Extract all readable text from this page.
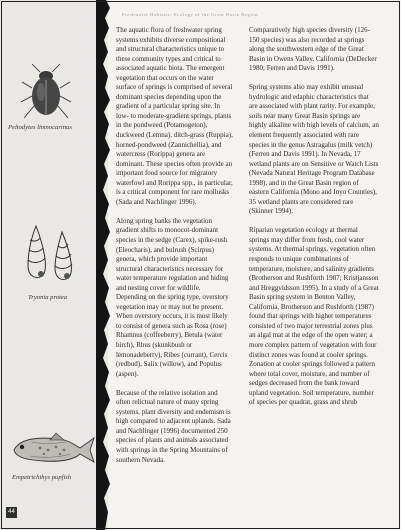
Peltodytes limnocarinus
Tryonia protea
Empetrichthys pupfish
44
Freshwater Habitats: Ecology of the Great Basin Region

The aquatic flora of freshwater spring systems exhibits diverse compositional and structural characteristics unique to these community types and critical to associated aquatic biota. The emergent vegetation that occurs on the water surface of springs is comprised of several dominant species depending upon the gradient of a particular spring site. In low- to moderate-gradient springs, plants in the pondweed (Potamogeton), duckweed (Lemna), ditch-grass (Ruppia), horned-pondweed (Zannichellia), and watercress (Rorippa) genera are dominant. These species often provide an important food source for migratory waterfowl and Rorippa spp., in particular, is a critical component for rare mollusks (Sada and Nachlinger 1996).

Along spring banks the vegetation gradient shifts to monocot-dominant species in the sedge (Carex), spike-rush (Eleocharis), and bulrush (Scirpus) genera, which provide important structural characteristics necessary for water temperature regulation and hiding and nesting cover for wildlife. Depending on the spring type, overstory vegetation may or may not be present. When overstory occurs, it is most likely to consist of genera such as Rosa (rose) Rhamnus (coffeeberry), Betula (water birch), Rhus (skunkbush or lemonadeberry), Ribes (currant), Cercis (redbud), Salix (willow), and Populus (aspen).

Because of the relative isolation and often relictual nature of many spring systems, plant diversity and endemism is high compared to adjacent uplands. Sada and Nachlinger (1996) documented 250 species of plants and animals associated with springs in the Spring Mountains of southern Nevada.

Comparatively high species diversity (126-150 species) was also recorded at springs along the southwestern edge of the Great Basin in Owens Valley, California (DeDecker 1980; Ferren and Davis 1991).

Spring systems also may exhibit unusual hydrologic and edaphic characteristics that are associated with plant rarity. For example, soils near many Great Basin springs are highly alkaline with high levels of calcium, an element frequently associated with rare species in the genus Astragalus (milk vetch) (Ferren and Davis 1991). In Nevada, 17 wetland plants are on Sensitive or Watch Lists (Nevada Natural Heritage Program Database 1998), and in the Great Basin region of eastern California (Mono and Inyo Counties), 35 wetland plants are considered rare (Skinner 1994).

Riparian vegetation ecology at thermal springs may differ from fresh, cool water systems. At thermal springs, vegetation often responds to unique combinations of temperature, moisture, and salinity gradients (Brotherson and Rushforth 1987; Kristjansson and Hreggvidsson 1995). In a study of a Great Basin spring system in Benton Valley, California, Brotherson and Rushforth (1987) found that springs with higher temperatures consisted of two major terrestrial zones plus an algal mat at the edge of the open water; a more complex pattern of vegetation with four distinct zones was found at cooler springs. Zonation at cooler springs followed a pattern where total cover, moisture, and number of sedges decreased from the bank toward upland vegetation. Soil temperature, number of species per quadrat, grass and shrub
